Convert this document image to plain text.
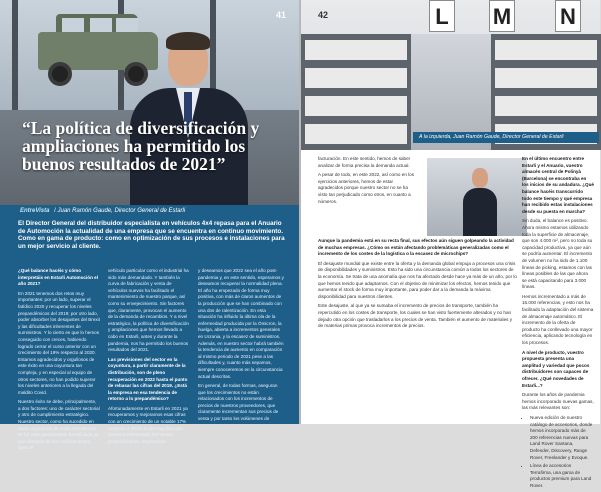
41
“La política de diversificación y ampliaciones ha permitido los buenos resultados de 2021”
EntreVista / Juan Ramón Gaude, Director General de Estarli
El Director General del distribuidor especialista en vehículos 4x4 repasa para el Anuario de Automoción la actualidad de una empresa que se encuentra en continuo movimiento. Como en gama de producto: como en optimización de sus procesos e instalaciones para un mejor servicio al cliente.

¿Qué balance hacéis y cómo interpretáis en Estarli Automoción el año 2021?

En 2021 tenemos dos retos muy importantes: por un lado, superar el fatídico 2020 y recuperar los niveles prepandémicos del 2019; por otro lado, poder absorber los desajustes del Brexit y las dificultades inherentes de suministros. Y lo cierto es que lo hemos conseguido con creces, habiendo logrado cerrar el curso anterior con un crecimiento del 19% respecto al 2020. Estamos agradecidos y orgullosos de este éxito en una coyuntura tan compleja, y en especial al equipo de otros sectores, no han podido superar los niveles anteriores a la llegada del maldito Covid.

Nuestro éxito se debe, principalmente, a dos factores: uno de carácter sectorial y otro de cumplimiento estratégico. Nuestro sector, como ha sucedido en otras coyunturas de crisis económicas, se ha visto parcialmente beneficiado ya que después de los confinamientos, tanto el

vehículo particular como el industrial ha sido más demandado. Y también la curva de fabricación y venta de vehículos nuevos ha facilitado el mantenimiento de nuestro parque, así como su envejecimiento. Sin factores que, claramente, provocan el aumento de la demanda de recambios. Y a nivel estratégico, la política de diversificación y ampliaciones que hemos llevado a cabo en Estarli, antes y durante la pandemia, nos ha permitido los buenos resultados del 2021.

Las previsiones del sector en la coyuntura, a partir claramente de la distribución, son de pleno recuperación en 2022 hasta el punto de rebasar las cifras del 2019. ¿Está la empresa en esa tendencia de retorno a lo prepandémico?

Afortunadamente en Estarli en 2021 ya recuperamos y mejoramos esas cifras con un crecimiento de un notable 17% respecto a 2019, lo que significa que hemos incrementado las ventas prepandémicas. Esperamos

y deseamos que 2022 sea el año post-pandemia y, en este sentido, esperamos y deseamos recuperar la normalidad plena. El año ha empezado de forma muy positiva, con más de claros aumentos de la producción que se han combinado con una dos de ralentización. En esta situación ha influido la última ola de la enfermedad producida por la Ómicron, la huelga, abierta a incrementos generales en Ucrania, y la escasez de suministros. Además, en nuestro sector habrá también la tendencia de aumento en comparación al mismo periodo de 2021 pese a las dificultades y, cuanto más sepamos, siempre conoceremos en la circunstancia actual descritas.

En general, de todas formas, aseguran que los crecimientos no están relacionados con los incrementos de precios de nuestros proveedores, que claramente incrementan sus precios de venta y por tanto los volúmenes de

L M N
A la izquierda, Juan Ramón Gaude, Director General de Estarli
42

facturación. En este sentido, hemos de saber analizar de forma precisa la demanda actual.

A pesar de todo, en este 2022, así como en los ejercicios anteriores, hemos de estar agradecidos porque nuestro sector no se ha visto tan perjudicado como otros, en cuanto a números.

Aunque la pandemia está en su recta final, sus efectos aún siguen golpeando la actividad de muchas empresas. ¿Cómo os están afectando problemáticas generalizadas como el incremento de los costes de la logística o la escasez de microchips?

El desajuste mundial que existe entre la oferta y la demanda global empuja a procesos una crisis de disponibilidades y suministros. Esto ha sido una circunstancia común a todos los sectores de la economía. Se trata de una anomalía que nos ha afectado desde hace ya más de un año, por lo que hemos tenido que adaptarnos. Con el objetivo de minimizar los efectos, hemos tenido que aumentar el stock de forma muy importante, para poder dar a la demanda la máxima disponibilidad para nuestros clientes.

Este desajuste, al que ya se sumaba el incremento de precios de transporte, también ha repercutido en los costes de transporte, los cuales se han visto fuertemente alterados y no han dejado otra opción que trasladarlos a los precios de venta. También el aumento de materiales y de materias primas provoca incrementos de precios.

En el último encuentro entre Estarli y el Anuario, vuestro almacén central de Polinyà (Barcelona) se encontraba en los inicios de su andadura. ¿Qué balance hacéis transcurrido todo este tiempo y qué empresa han recibido estas instalaciones desde su puesta en marcha?

Sin duda, el balance es positivo. Ahora mismo estamos utilizando toda la superficie de almacenaje, que son 4.000 m², pero no toda su capacidad productiva, ya que aún se podría aumentar. El incremento de volumen no ha sido de 1.100 líneas de picking, estamos con las líneas posibles de las que ahora se está capacitando para 3.000 líneas.

Hemos incrementado a más de 16.000 referencias, y esto nos ha facilitado la adaptación del sistema de almacenaje automático. El incremento de la oferta de producto ha conllevado una mayor eficiencia, aplicando tecnología en los procesos.

A nivel de producto, vuestro propuesta presenta una amplitud y variedad que pocos distribuidores son capaces de ofrecer. ¿Qué novedades de Estarli...?

Durante los años de pandemia hemos incorporado nuevas gamas, las más relevantes son:

• Nueva edición de nuestro catálogo de accesorios, donde hemos incorporado más de 200 referencias nuevas para Land Rover Santana, Defender, Discovery, Range Rover, Freelander y Evoque.
• Línea de accesorios Terrafirma, una gama de productos premium para Land Rover.
